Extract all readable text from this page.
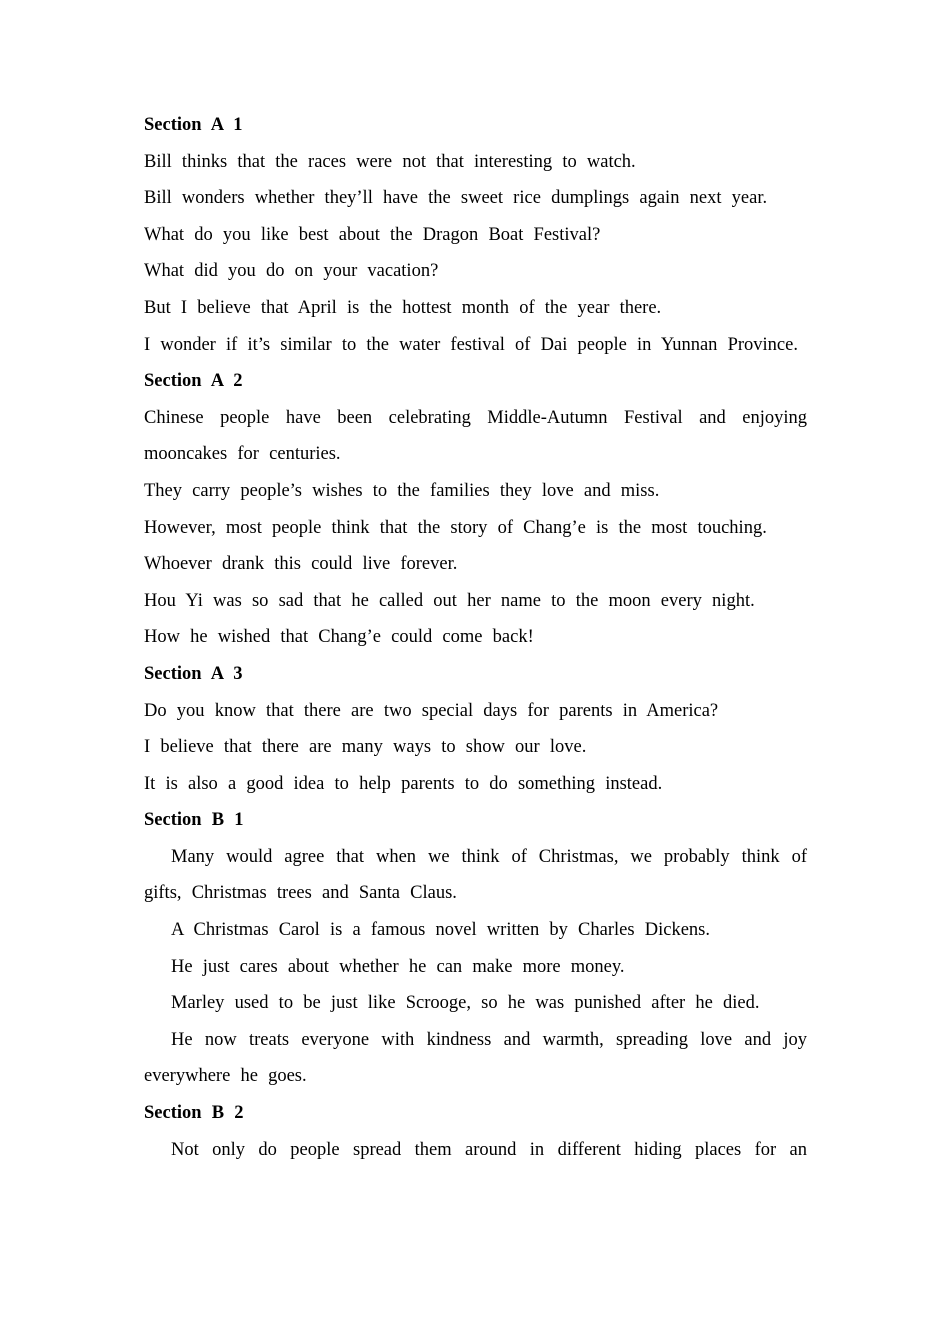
Section A 1

Bill thinks that the races were not that interesting to watch.

Bill wonders whether they’ll have the sweet rice dumplings again next year.

What do you like best about the Dragon Boat Festival?

What did you do on your vacation?

But I believe that April is the hottest month of the year there.

I wonder if it’s similar to the water festival of Dai people in Yunnan Province.

Section A 2

Chinese people have been celebrating Middle-Autumn Festival and enjoying mooncakes for centuries.

They carry people’s wishes to the families they love and miss.

However, most people think that the story of Chang’e is the most touching.

Whoever drank this could live forever.

Hou Yi was so sad that he called out her name to the moon every night.

How he wished that Chang’e could come back!

Section A 3

Do you know that there are two special days for parents in America?

I believe that there are many ways to show our love.

It is also a good idea to help parents to do something instead.

Section B 1

Many would agree that when we think of Christmas, we probably think of gifts, Christmas trees and Santa Claus.

A Christmas Carol is a famous novel written by Charles Dickens.

He just cares about whether he can make more money.

Marley used to be just like Scrooge, so he was punished after he died.

He now treats everyone with kindness and warmth, spreading love and joy everywhere he goes.

Section B 2

Not only do people spread them around in different hiding places for an
